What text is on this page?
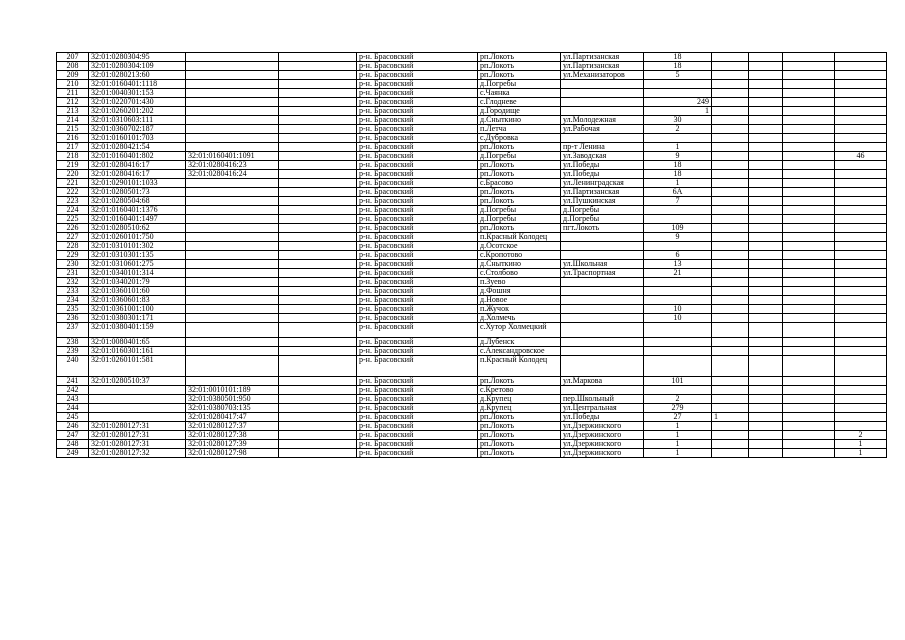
207	32:01:0280304:95			р-н. Брасовский	рп.Локоть	ул.Партизанская	18				
208	32:01:0280304:109			р-н. Брасовский	рп.Локоть	ул.Партизанская	18				
209	32:01:0280213:60			р-н. Брасовский	рп.Локоть	ул.Механизаторов	5				
210	32:01:0160401:1118			р-н. Брасовский	д.Погребы						
211	32:01:0040301:153			р-н. Брасовский	с.Чаянка						
212	32:01:0220701:430			р-н. Брасовский	с.Глодневе		249				
213	32:01:0260201:202			р-н. Брасовский	д.Городище		1				
214	32:01:0310603:111			р-н. Брасовский	д.Сныткино	ул.Молодежная	30				
215	32:01:0360702:187			р-н. Брасовский	п.Летча	ул.Рабочая	2				
216	32:01:0160101:703			р-н. Брасовский	с.Дубровка						
217	32:01:0280421:54			р-н. Брасовский	рп.Локоть	пр-т Ленина	1				
218	32:01:0160401:802	32:01:0160401:1091		р-н. Брасовский	д.Погребы	ул.Заводская	9				46
219	32:01:0280416:17	32:01:0280416:23		р-н. Брасовский	рп.Локоть	ул.Победы	18				
220	32:01:0280416:17	32:01:0280416:24		р-н. Брасовский	рп.Локоть	ул.Победы	18				
221	32:01:0290101:1033			р-н. Брасовский	с.Брасово	ул.Ленинградская	1				
222	32:01:0280501:73			р-н. Брасовский	рп.Локоть	ул.Партизанская	6А				
223	32:01:0280504:68			р-н. Брасовский	рп.Локоть	ул.Пушкинская	7				
224	32:01:0160401:1376			р-н. Брасовский	д.Погребы	д.Погребы					
225	32:01:0160401:1497			р-н. Брасовский	д.Погребы	д.Погребы					
226	32:01:0280510:62			р-н. Брасовский	рп.Локоть	пгт.Локоть	109				
227	32:01:0260101:750			р-н. Брасовский	п.Красный Колодец		9				
228	32:01:0310101:302			р-н. Брасовский	д.Осотское						
229	32:01:0310301:135			р-н. Брасовский	с.Кропотово		6				
230	32:01:0310601:275			р-н. Брасовский	д.Сныткино	ул.Школьная	13				
231	32:01:0340101:314			р-н. Брасовский	с.Столбово	ул.Траспортная	21				
232	32:01:0340201:79			р-н. Брасовский	п.Зуево						
233	32:01:0360101:60			р-н. Брасовский	д.Фошня						
234	32:01:0360601:83			р-н. Брасовский	д.Новое						
235	32:01:0361001:100			р-н. Брасовский	п.Жучок		10				
236	32:01:0380301:171			р-н. Брасовский	д.Холмечь		10				
237	32:01:0380401:159			р-н. Брасовский	с.Хутор Холмецкий						
238	32:01:0080401:65			р-н. Брасовский	д.Лубенск						
239	32:01:0160301:161			р-н. Брасовский	с.Александровское						
240	32:01:0260101:581			р-н. Брасовский	п.Красный Колодец						
241	32:01:0280510:37			р-н. Брасовский	рп.Локоть	ул.Маркова	101				
242		32:01:0010101:189		р-н. Брасовский	с.Кретово						
243		32:01:0380501:950		р-н. Брасовский	д.Крупец	пер.Школьный	2				
244		32:01:0380703:135		р-н. Брасовский	д.Крупец	ул.Центральная	279				
245		32:01:0280417:47		р-н. Брасовский	рп.Локоть	ул.Победы	27	1			
246	32:01:0280127:31	32:01:0280127:37		р-н. Брасовский	рп.Локоть	ул.Дзержинского	1				
247	32:01:0280127:31	32:01:0280127:38		р-н. Брасовский	рп.Локоть	ул.Дзержинского	1				2
248	32:01:0280127:31	32:01:0280127:39		р-н. Брасовский	рп.Локоть	ул.Дзержинского	1				1
249	32:01:0280127:32	32:01:0280127:98		р-н. Брасовский	рп.Локоть	ул.Дзержинского	1				1
